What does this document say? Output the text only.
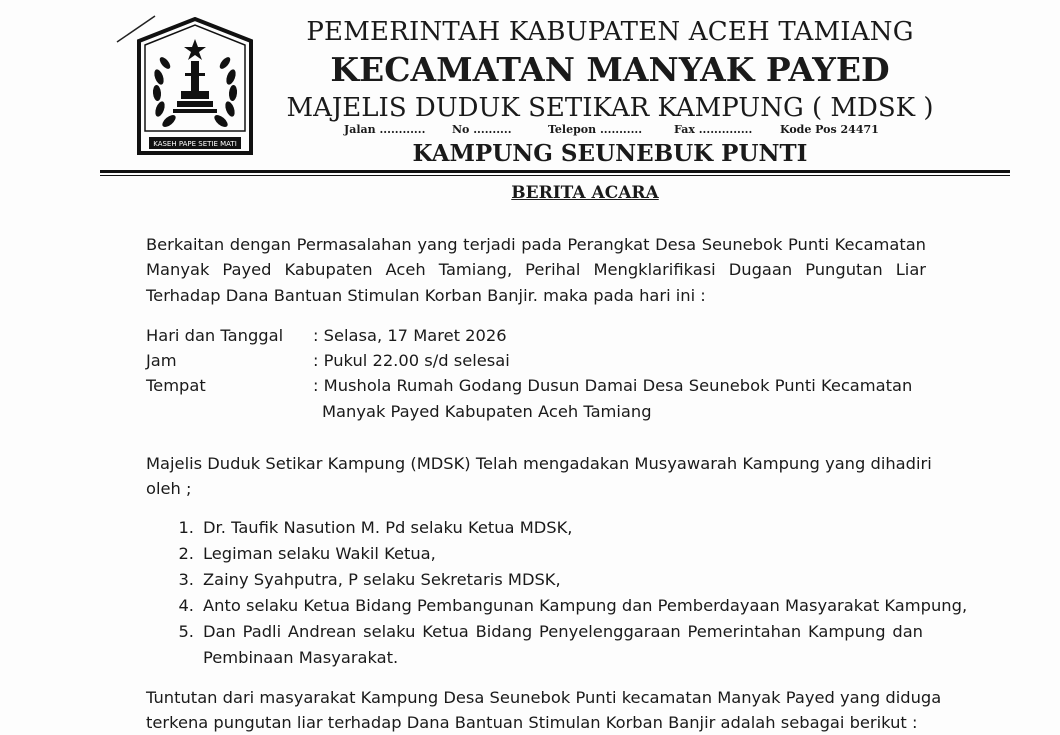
KASEH PAPE SETIE MATI
PEMERINTAH KABUPATEN ACEH TAMIANG
KECAMATAN MANYAK PAYED
MAJELIS DUDUK SETIKAR KAMPUNG ( MDSK )
Jalan ............ No ..........	Telepon ...........	Fax ..............	Kode Pos 24471
KAMPUNG SEUNEBUK PUNTI
BERITA ACARA
Berkaitan dengan Permasalahan yang terjadi pada Perangkat Desa Seunebok Punti Kecamatan
Manyak Payed Kabupaten Aceh Tamiang, Perihal Mengklarifikasi Dugaan Pungutan Liar
Terhadap Dana Bantuan Stimulan Korban Banjir. maka pada hari ini :
Hari dan Tanggal : Selasa, 17 Maret 2026
Jam	: Pukul 22.00 s/d selesai
Tempat	: Mushola Rumah Godang Dusun Damai Desa Seunebok Punti Kecamatan
Manyak Payed Kabupaten Aceh Tamiang
Majelis Duduk Setikar Kampung (MDSK) Telah mengadakan Musyawarah Kampung yang dihadiri
oleh ;
1. Dr. Taufik Nasution M. Pd selaku Ketua MDSK,
2. Legiman selaku Wakil Ketua,
3. Zainy Syahputra, P selaku Sekretaris MDSK,
4. Anto selaku Ketua Bidang Pembangunan Kampung dan Pemberdayaan Masyarakat Kampung,
5. Dan Padli Andrean selaku Ketua Bidang Penyelenggaraan Pemerintahan Kampung dan
Pembinaan Masyarakat.
Tuntutan dari masyarakat Kampung Desa Seunebok Punti kecamatan Manyak Payed yang diduga
terkena pungutan liar terhadap Dana Bantuan Stimulan Korban Banjir adalah sebagai berikut :
